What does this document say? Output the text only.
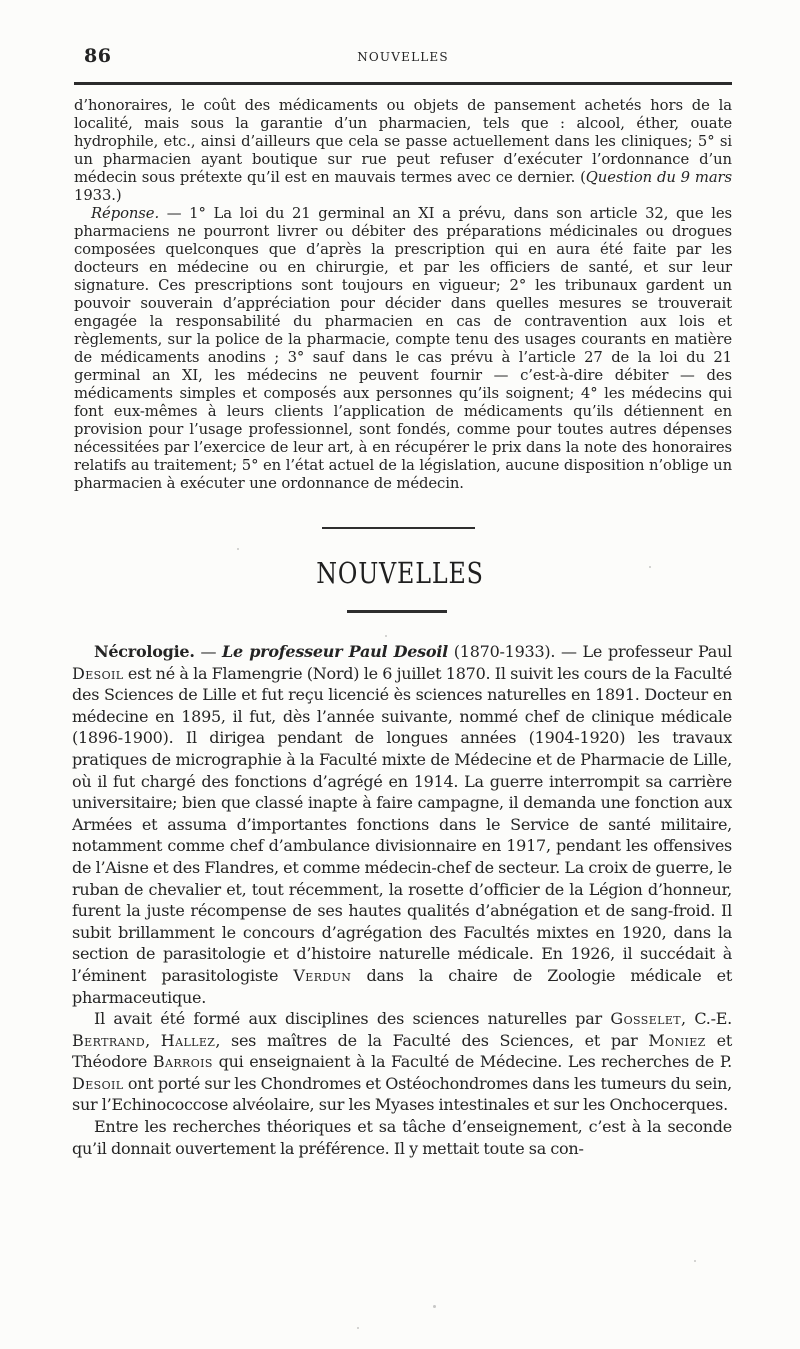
86	NOUVELLES

d’honoraires, le coût des médicaments ou objets de pansement achetés hors de la localité, mais sous la garantie d’un pharmacien, tels que : alcool, éther, ouate hydrophile, etc., ainsi d’ailleurs que cela se passe actuellement dans les cliniques; 5° si un pharmacien ayant boutique sur rue peut refuser d’exécuter l’ordonnance d’un médecin sous prétexte qu’il est en mauvais termes avec ce dernier. (Question du 9 mars 1933.)

Réponse. — 1° La loi du 21 germinal an XI a prévu, dans son article 32, que les pharmaciens ne pourront livrer ou débiter des préparations médicinales ou drogues composées quelconques que d’après la prescription qui en aura été faite par les docteurs en médecine ou en chirurgie, et par les officiers de santé, et sur leur signature. Ces prescriptions sont toujours en vigueur; 2° les tribunaux gardent un pouvoir souverain d’appréciation pour décider dans quelles mesures se trouverait engagée la responsabilité du pharmacien en cas de contravention aux lois et règlements, sur la police de la pharmacie, compte tenu des usages courants en matière de médicaments anodins ; 3° sauf dans le cas prévu à l’article 27 de la loi du 21 germinal an XI, les médecins ne peuvent fournir — c’est-à-dire débiter — des médicaments simples et composés aux personnes qu’ils soignent; 4° les médecins qui font eux-mêmes à leurs clients l’application de médicaments qu’ils détiennent en provision pour l’usage professionnel, sont fondés, comme pour toutes autres dépenses nécessitées par l’exercice de leur art, à en récupérer le prix dans la note des honoraires relatifs au traitement; 5° en l’état actuel de la législation, aucune disposition n’oblige un pharmacien à exécuter une ordonnance de médecin.

NOUVELLES

Nécrologie. — Le professeur Paul Desoil (1870-1933). — Le professeur Paul Desoil est né à la Flamengrie (Nord) le 6 juillet 1870. Il suivit les cours de la Faculté des Sciences de Lille et fut reçu licencié ès sciences naturelles en 1891. Docteur en médecine en 1895, il fut, dès l’année suivante, nommé chef de clinique médicale (1896-1900). Il dirigea pendant de longues années (1904-1920) les travaux pratiques de micrographie à la Faculté mixte de Médecine et de Pharmacie de Lille, où il fut chargé des fonctions d’agrégé en 1914. La guerre interrompit sa carrière universitaire; bien que classé inapte à faire campagne, il demanda une fonction aux Armées et assuma d’importantes fonctions dans le Service de santé militaire, notamment comme chef d’ambulance divisionnaire en 1917, pendant les offensives de l’Aisne et des Flandres, et comme médecin-chef de secteur. La croix de guerre, le ruban de chevalier et, tout récemment, la rosette d’officier de la Légion d’honneur, furent la juste récompense de ses hautes qualités d’abnégation et de sang-froid. Il subit brillamment le concours d’agrégation des Facultés mixtes en 1920, dans la section de parasitologie et d’histoire naturelle médicale. En 1926, il succédait à l’éminent parasitologiste Verdun dans la chaire de Zoologie médicale et pharmaceutique.

Il avait été formé aux disciplines des sciences naturelles par Gosselet, C.-E. Bertrand, Hallez, ses maîtres de la Faculté des Sciences, et par Moniez et Théodore Barrois qui enseignaient à la Faculté de Médecine. Les recherches de P. Desoil ont porté sur les Chondromes et Ostéochondromes dans les tumeurs du sein, sur l’Echinococcose alvéolaire, sur les Myases intestinales et sur les Onchocerques.

Entre les recherches théoriques et sa tâche d’enseignement, c’est à la seconde qu’il donnait ouvertement la préférence. Il y mettait toute sa con-
